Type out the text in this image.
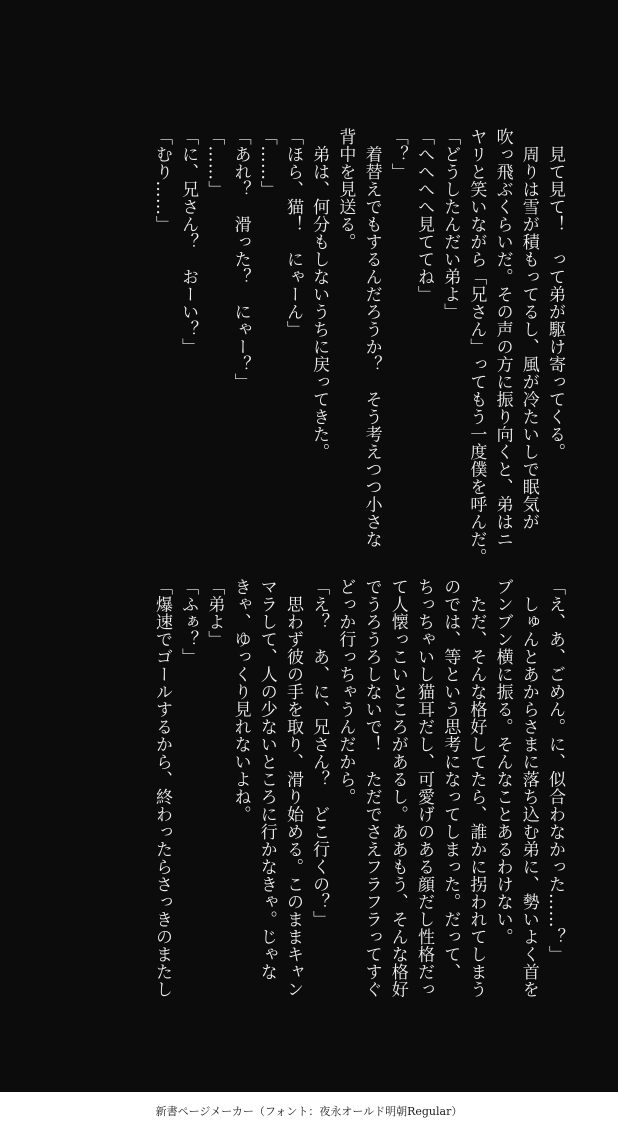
　見て見て！　って弟が駆け寄ってくる。
　周りは雪が積もってるし、風が冷たいしで眠気が
吹っ飛ぶくらいだ。その声の方に振り向くと、弟はニ
ヤリと笑いながら「兄さん」ってもう一度僕を呼んだ。
「どうしたんだい弟よ」
「へへへへ見ててね」
「？」
　着替えでもするんだろうか？　そう考えつつ小さな
背中を見送る。
　弟は、何分もしないうちに戻ってきた。
「ほら、猫！　にゃーん」
「……」
「あれ？　滑った？　にゃー？」
「……」
「に、兄さん？　おーい？」
「むり……」
「え、あ、ごめん。に、似合わなかった……？」
　しゅんとあからさまに落ち込む弟に、勢いよく首を
ブンブン横に振る。そんなことあるわけない。
　ただ、そんな格好してたら、誰かに拐われてしまう
のでは、等という思考になってしまった。だって、
ちっちゃいし猫耳だし、可愛げのある顔だし性格だっ
て人懐っこいところがあるし。ああもう、そんな格好
でうろうろしないで！　ただでさえフラフラってすぐ
どっか行っちゃうんだから。
「え？　あ、に、兄さん？　どこ行くの？」
　思わず彼の手を取り、滑り始める。このままキャン
マラして、人の少ないところに行かなきゃ。じゃな
きゃ、ゆっくり見れないよね。
「弟よ」
「ふぁ？」
「爆速でゴールするから、終わったらさっきのまたし
新書ページメーカー（フォント：夜永オールド明朝Regular）
